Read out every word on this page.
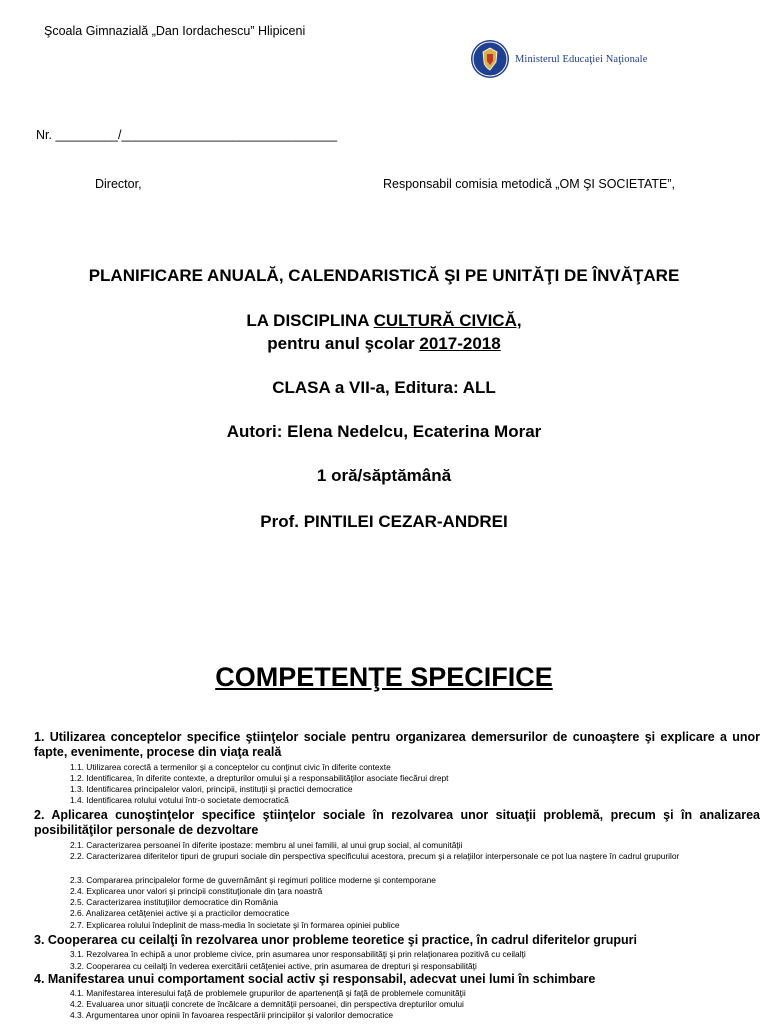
Şcoala Gimnazială „Dan Iordachescu” Hlipiceni
Ministerul Educaţiei Naţionale
Nr. _________/_______________________________
Director,	Responsabil comisia metodică „OM ŞI SOCIETATE”,
PLANIFICARE ANUALĂ, CALENDARISTICĂ ŞI PE UNITĂŢI DE ÎNVĂŢARE
LA DISCIPLINA CULTURĂ CIVICĂ,
pentru anul şcolar 2017-2018
CLASA a VII-a, Editura: ALL
Autori: Elena Nedelcu, Ecaterina Morar
1 oră/săptămână
Prof. PINTILEI CEZAR-ANDREI
COMPETENŢE SPECIFICE
1. Utilizarea conceptelor specifice ştiinţelor sociale pentru organizarea demersurilor de cunoaştere şi explicare a unor fapte, evenimente, procese din viaţa reală
1.1. Utilizarea corectă a termenilor şi a conceptelor cu conţinut civic în diferite contexte
1.2. Identificarea, în diferite contexte, a drepturilor omului şi a responsabilităţilor asociate fiecărui drept
1.3. Identificarea principalelor valori, principii, instituţii şi practici democratice
1.4. Identificarea rolului votului într-o societate democratică
2. Aplicarea cunoştinţelor specifice ştiinţelor sociale în rezolvarea unor situaţii problemă, precum şi în analizarea posibilităţilor personale de dezvoltare
2.1. Caracterizarea persoanei în diferite ipostaze: membru al unei familii, al unui grup social, al comunităţii
2.2. Caracterizarea diferitelor tipuri de grupuri sociale din perspectiva specificului acestora, precum şi a relaţiilor interpersonale ce pot lua naştere în cadrul grupurilor
2.3. Compararea principalelor forme de guvernământ şi regimuri politice moderne şi contemporane
2.4. Explicarea unor valori şi principii constituţionale din ţara noastră
2.5. Caracterizarea instituţiilor democratice din România
2.6. Analizarea cetăţeniei active şi a practicilor democratice
2.7. Explicarea rolului îndeplinit de mass-media în societate şi în formarea opiniei publice
3. Cooperarea cu ceilalţi în rezolvarea unor probleme teoretice şi practice, în cadrul diferitelor grupuri
3.1. Rezolvarea în echipă a unor probleme civice, prin asumarea unor responsabilităţi şi prin relaţionarea pozitivă cu ceilalţi
3.2. Cooperarea cu ceilalţi în vederea exercitării cetăţeniei active, prin asumarea de drepturi şi responsabilităţi
4. Manifestarea unui comportament social activ şi responsabil, adecvat unei lumi în schimbare
4.1. Manifestarea interesului faţă de problemele grupurilor de apartenenţă şi faţă de problemele comunităţii
4.2. Evaluarea unor situaţii concrete de încălcare a demnităţii persoanei, din perspectiva drepturilor omului
4.3. Argumentarea unor opinii în favoarea respectării principiilor şi valorilor democratice
